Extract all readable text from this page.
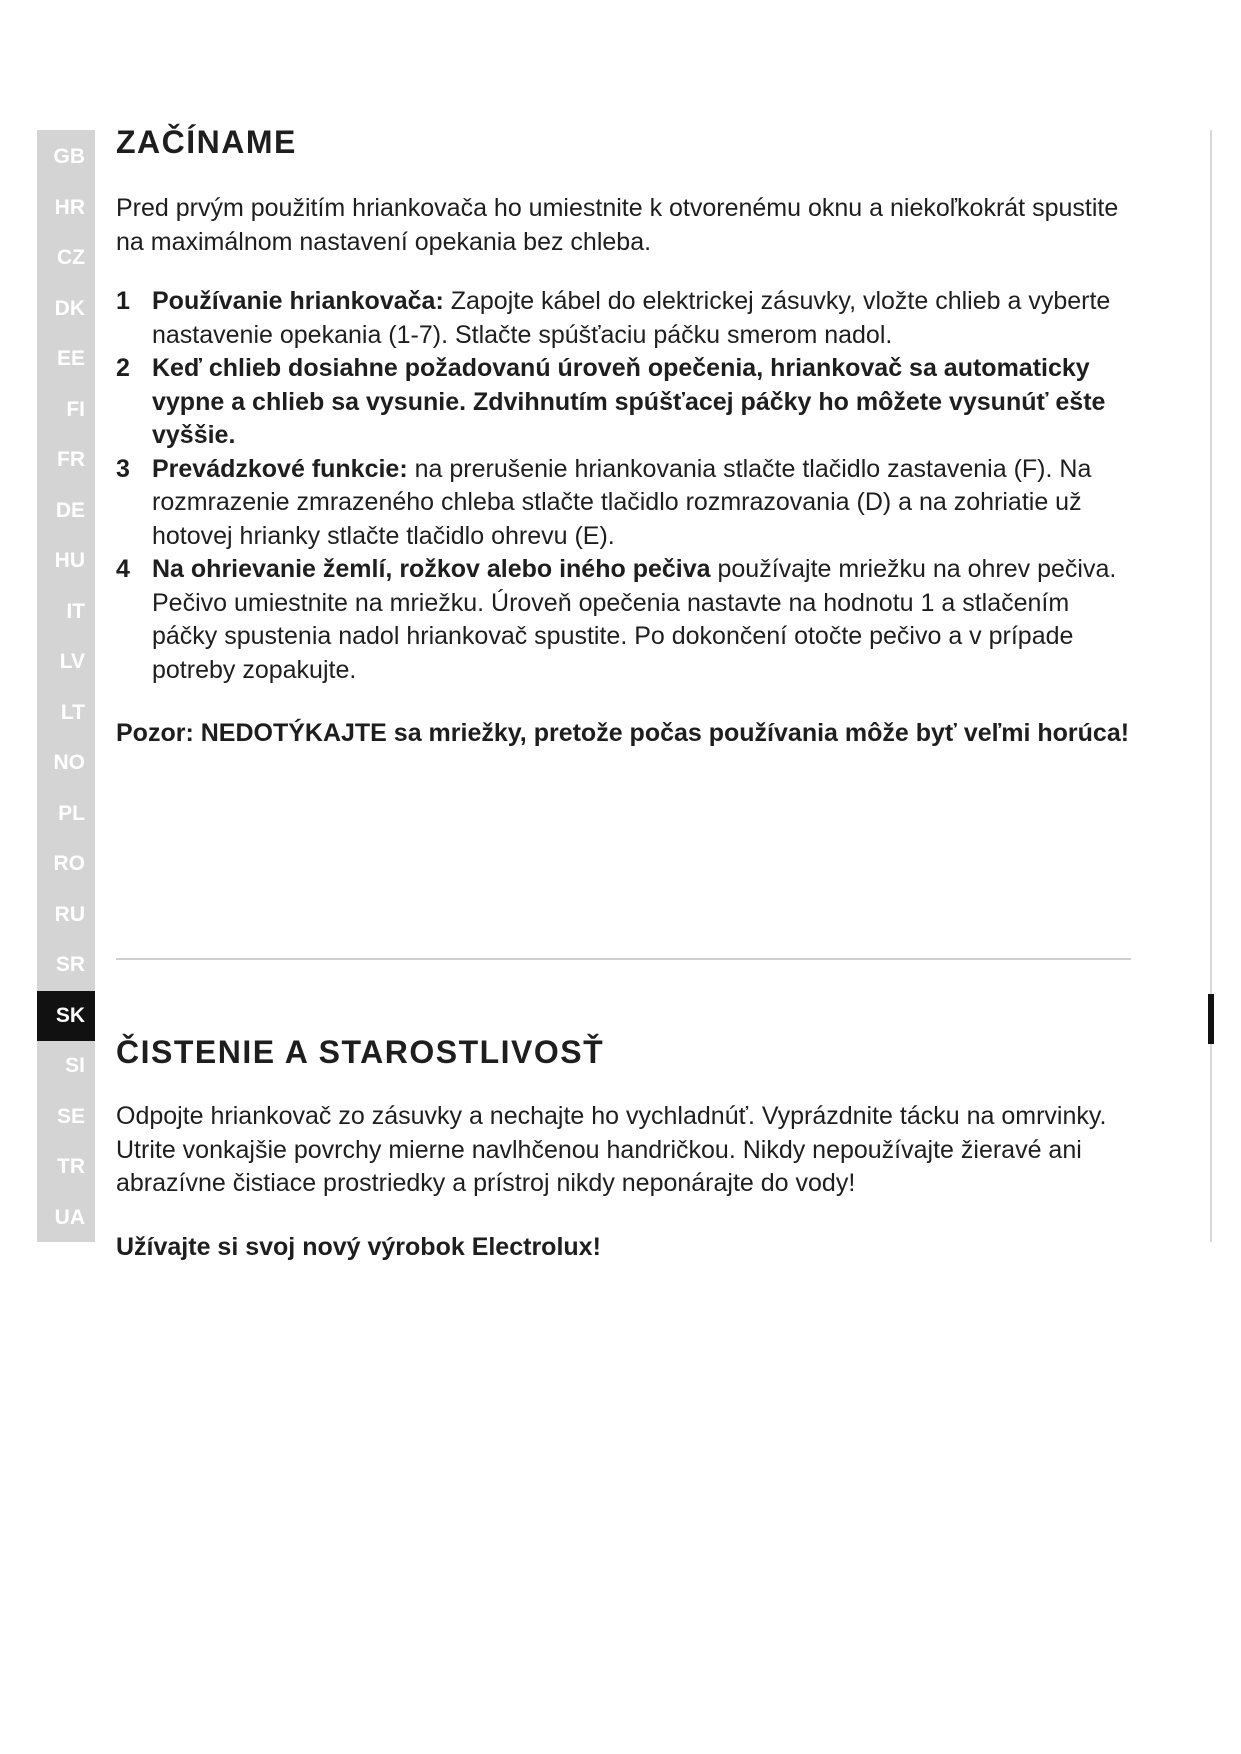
GB
HR
CZ
DK
EE
FI
FR
DE
HU
IT
LV
LT
NO
PL
RO
RU
SR
SK
SI
SE
TR
UA
ZAČÍNAME

Pred prvým použitím hriankovača ho umiestnite k otvorenému oknu a niekoľkokrát spustite na maximálnom nastavení opekania bez chleba.

1 Používanie hriankovača: Zapojte kábel do elektrickej zásuvky, vložte chlieb a vyberte nastavenie opekania (1-7). Stlačte spúšťaciu páčku smerom nadol.
2 Keď chlieb dosiahne požadovanú úroveň opečenia, hriankovač sa automaticky vypne a chlieb sa vysunie. Zdvihnutím spúšťacej páčky ho môžete vysunúť ešte vyššie.
3 Prevádzkové funkcie: na prerušenie hriankovania stlačte tlačidlo zastavenia (F). Na rozmrazenie zmrazeného chleba stlačte tlačidlo rozmrazovania (D) a na zohriatie už hotovej hrianky stlačte tlačidlo ohrevu (E).
4 Na ohrievanie žemlí, rožkov alebo iného pečiva používajte mriežku na ohrev pečiva. Pečivo umiestnite na mriežku. Úroveň opečenia nastavte na hodnotu 1 a stlačením páčky spustenia nadol hriankovač spustite. Po dokončení otočte pečivo a v prípade potreby zopakujte.

Pozor: NEDOTÝKAJTE sa mriežky, pretože počas používania môže byť veľmi horúca!

ČISTENIE A STAROSTLIVOSŤ

Odpojte hriankovač zo zásuvky a nechajte ho vychladnúť. Vyprázdnite tácku na omrvinky. Utrite vonkajšie povrchy mierne navlhčenou handričkou. Nikdy nepoužívajte žieravé ani abrazívne čistiace prostriedky a prístroj nikdy neponárajte do vody!

Užívajte si svoj nový výrobok Electrolux!
